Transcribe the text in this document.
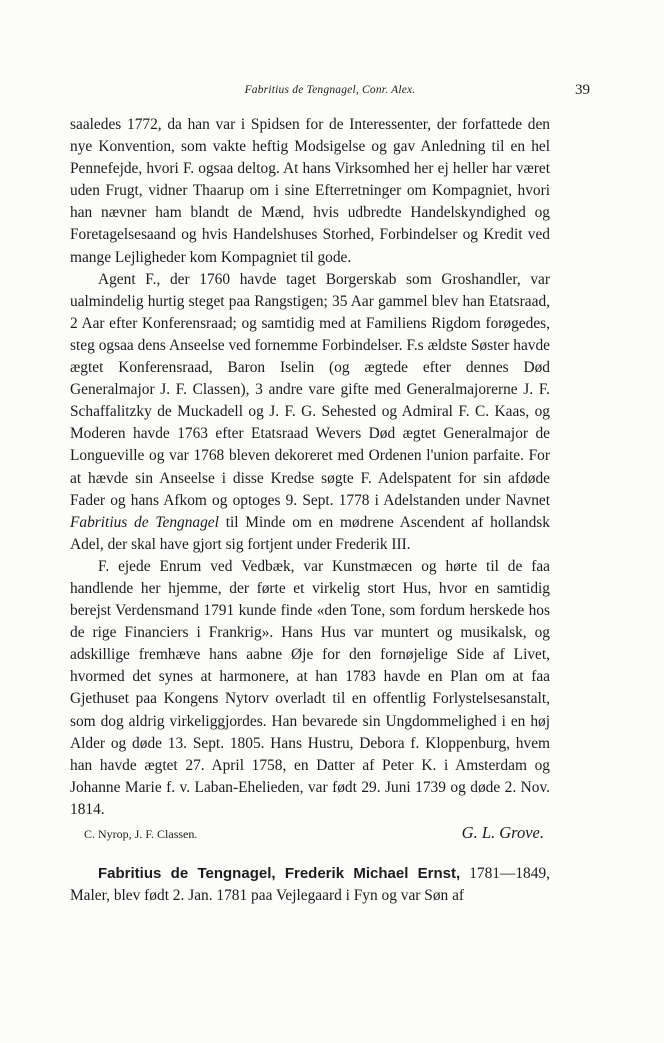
Fabritius de Tengnagel, Conr. Alex.	39

saaledes 1772, da han var i Spidsen for de Interessenter, der forfattede den nye Konvention, som vakte heftig Modsigelse og gav Anledning til en hel Pennefejde, hvori F. ogsaa deltog. At hans Virksomhed her ej heller har været uden Frugt, vidner Thaarup om i sine Efterretninger om Kompagniet, hvori han nævner ham blandt de Mænd, hvis udbredte Handelskyndighed og Foretagelsesaand og hvis Handelshuses Storhed, Forbindelser og Kredit ved mange Lejligheder kom Kompagniet til gode.

Agent F., der 1760 havde taget Borgerskab som Groshandler, var ualmindelig hurtig steget paa Rangstigen; 35 Aar gammel blev han Etatsraad, 2 Aar efter Konferensraad; og samtidig med at Familiens Rigdom forøgedes, steg ogsaa dens Anseelse ved fornemme Forbindelser. F.s ældste Søster havde ægtet Konferensraad, Baron Iselin (og ægtede efter dennes Død Generalmajor J. F. Classen), 3 andre vare gifte med Generalmajorerne J. F. Schaffalitzky de Muckadell og J. F. G. Sehested og Admiral F. C. Kaas, og Moderen havde 1763 efter Etatsraad Wevers Død ægtet Generalmajor de Longueville og var 1768 bleven dekoreret med Ordenen l'union parfaite. For at hævde sin Anseelse i disse Kredse søgte F. Adelspatent for sin afdøde Fader og hans Afkom og optoges 9. Sept. 1778 i Adelstanden under Navnet Fabritius de Tengnagel til Minde om en mødrene Ascendent af hollandsk Adel, der skal have gjort sig fortjent under Frederik III.

F. ejede Enrum ved Vedbæk, var Kunstmæcen og hørte til de faa handlende her hjemme, der førte et virkelig stort Hus, hvor en samtidig berejst Verdensmand 1791 kunde finde «den Tone, som fordum herskede hos de rige Financiers i Frankrig». Hans Hus var muntert og musikalsk, og adskillige fremhæve hans aabne Øje for den fornøjelige Side af Livet, hvormed det synes at harmonere, at han 1783 havde en Plan om at faa Gjethuset paa Kongens Nytorv overladt til en offentlig Forlystelsesanstalt, som dog aldrig virkeliggjordes. Han bevarede sin Ungdommelighed i en høj Alder og døde 13. Sept. 1805. Hans Hustru, Debora f. Kloppenburg, hvem han havde ægtet 27. April 1758, en Datter af Peter K. i Amsterdam og Johanne Marie f. v. Laban-Ehelieden, var født 29. Juni 1739 og døde 2. Nov. 1814.

C. Nyrop, J. F. Classen.	G. L. Grove.

Fabritius de Tengnagel, Frederik Michael Ernst, 1781—1849, Maler, blev født 2. Jan. 1781 paa Vejlegaard i Fyn og var Søn af
